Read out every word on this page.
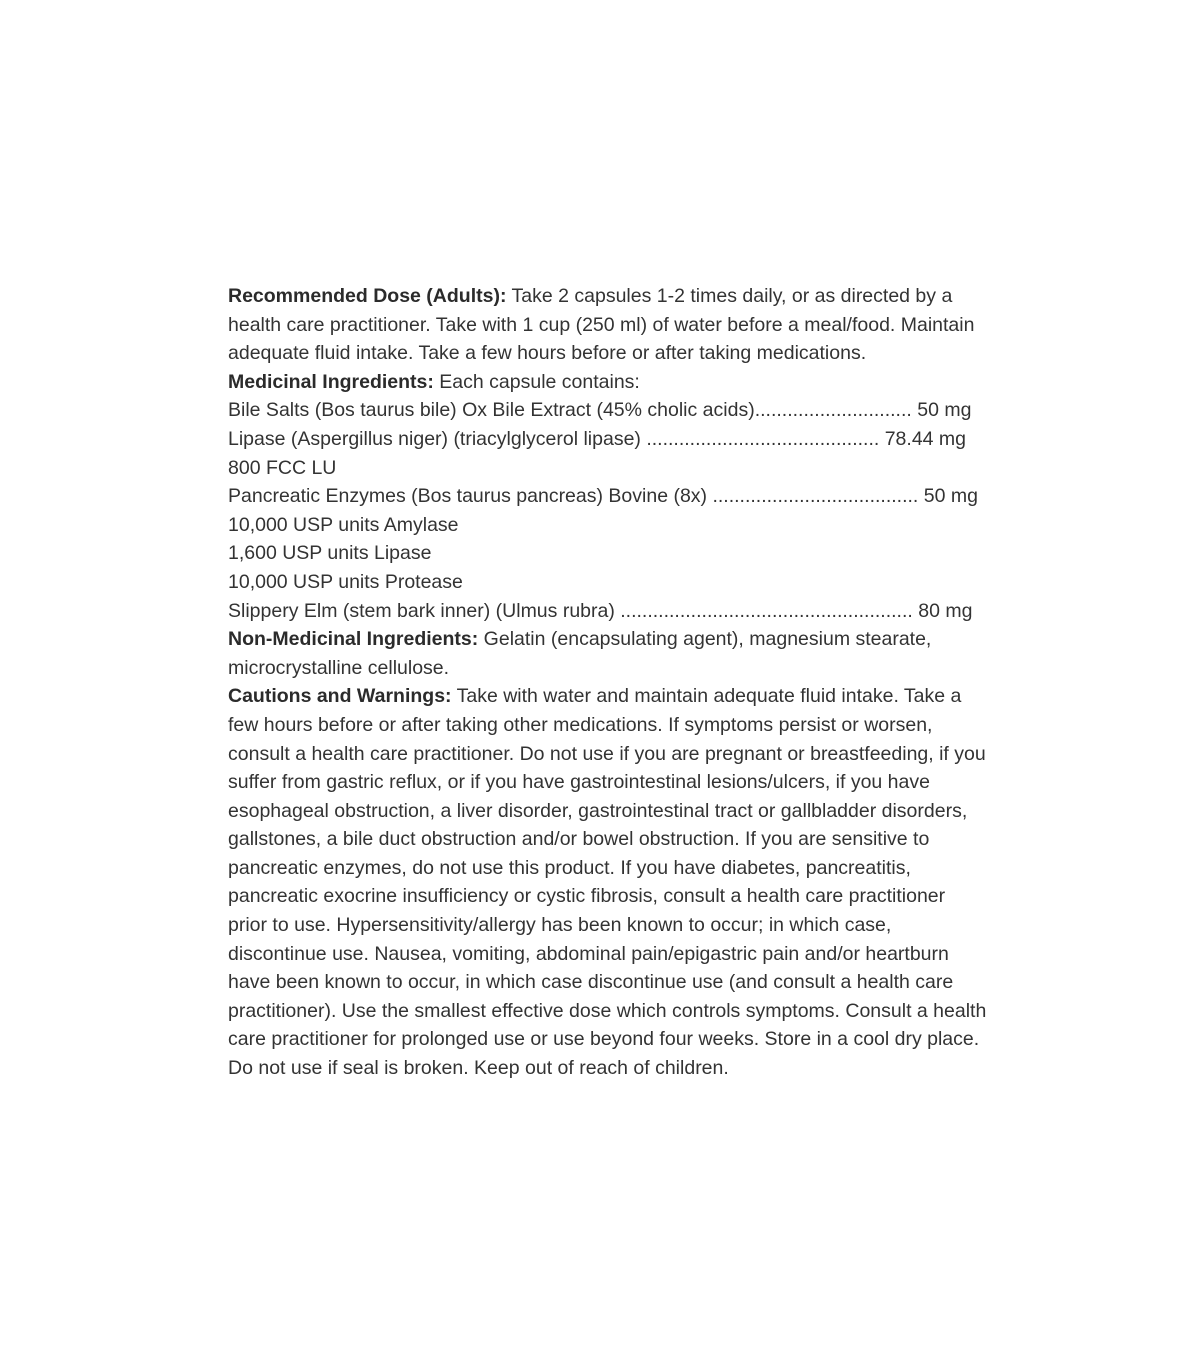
Recommended Dose (Adults): Take 2 capsules 1-2 times daily, or as directed by a
health care practitioner. Take with 1 cup (250 ml) of water before a meal/food. Maintain
adequate fluid intake. Take a few hours before or after taking medications.
Medicinal Ingredients: Each capsule contains:
Bile Salts (Bos taurus bile) Ox Bile Extract (45% cholic acids)............................. 50 mg
Lipase (Aspergillus niger) (triacylglycerol lipase) ........................................... 78.44 mg
800 FCC LU
Pancreatic Enzymes (Bos taurus pancreas) Bovine (8x) ...................................... 50 mg
10,000 USP units Amylase
1,600 USP units Lipase
10,000 USP units Protease
Slippery Elm (stem bark inner) (Ulmus rubra) ...................................................... 80 mg
Non-Medicinal Ingredients: Gelatin (encapsulating agent), magnesium stearate,
microcrystalline cellulose.
Cautions and Warnings: Take with water and maintain adequate fluid intake. Take a
few hours before or after taking other medications. If symptoms persist or worsen,
consult a health care practitioner. Do not use if you are pregnant or breastfeeding, if you
suffer from gastric reflux, or if you have gastrointestinal lesions/ulcers, if you have
esophageal obstruction, a liver disorder, gastrointestinal tract or gallbladder disorders,
gallstones, a bile duct obstruction and/or bowel obstruction. If you are sensitive to
pancreatic enzymes, do not use this product. If you have diabetes, pancreatitis,
pancreatic exocrine insufficiency or cystic fibrosis, consult a health care practitioner
prior to use. Hypersensitivity/allergy has been known to occur; in which case,
discontinue use. Nausea, vomiting, abdominal pain/epigastric pain and/or heartburn
have been known to occur, in which case discontinue use (and consult a health care
practitioner). Use the smallest effective dose which controls symptoms. Consult a health
care practitioner for prolonged use or use beyond four weeks. Store in a cool dry place.
Do not use if seal is broken. Keep out of reach of children.
